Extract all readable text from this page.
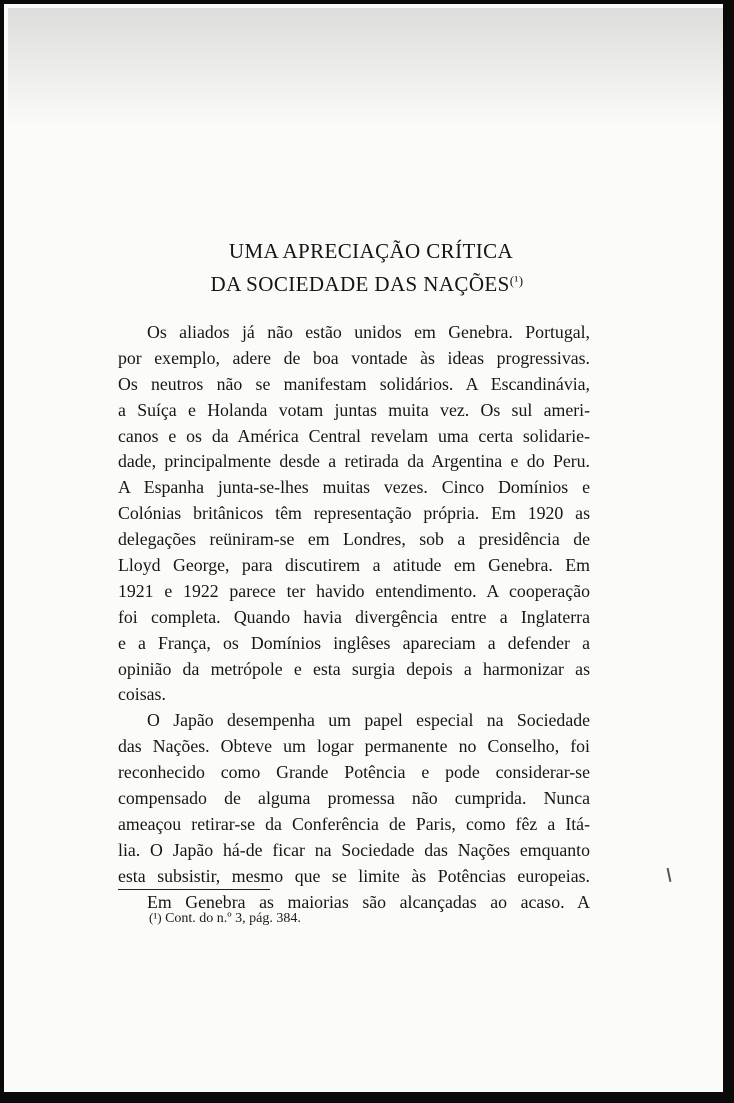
UMA APRECIAÇÃO CRÍTICA
DA SOCIEDADE DAS NAÇÕES$^{(^1)}$
Os aliados já não estão unidos em Genebra. Portugal,
por exemplo, adere de boa vontade às ideas progressivas.
Os neutros não se manifestam solidários. A Escandinávia,
a Suíça e Holanda votam juntas muita vez. Os sul ameri-
canos e os da América Central revelam uma certa solidarie-
dade, principalmente desde a retirada da Argentina e do Peru.
A Espanha junta-se-lhes muitas vezes. Cinco Domínios e
Colónias britânicos têm representação própria. Em 1920 as
delegações reüniram-se em Londres, sob a presidência de
Lloyd George, para discutirem a atitude em Genebra. Em
1921 e 1922 parece ter havido entendimento. A cooperação
foi completa. Quando havia divergência entre a Inglaterra
e a França, os Domínios inglêses apareciam a defender a
opinião da metrópole e esta surgia depois a harmonizar as
coisas.
O Japão desempenha um papel especial na Sociedade
das Nações. Obteve um logar permanente no Conselho, foi
reconhecido como Grande Potência e pode considerar-se
compensado de alguma promessa não cumprida. Nunca
ameaçou retirar-se da Conferência de Paris, como fêz a Itá-
lia. O Japão há-de ficar na Sociedade das Nações emquanto
esta subsistir, mesmo que se limite às Potências europeias.
Em Genebra as maiorias são alcançadas ao acaso. A
(¹) Cont. do n.º 3, pág. 384.
